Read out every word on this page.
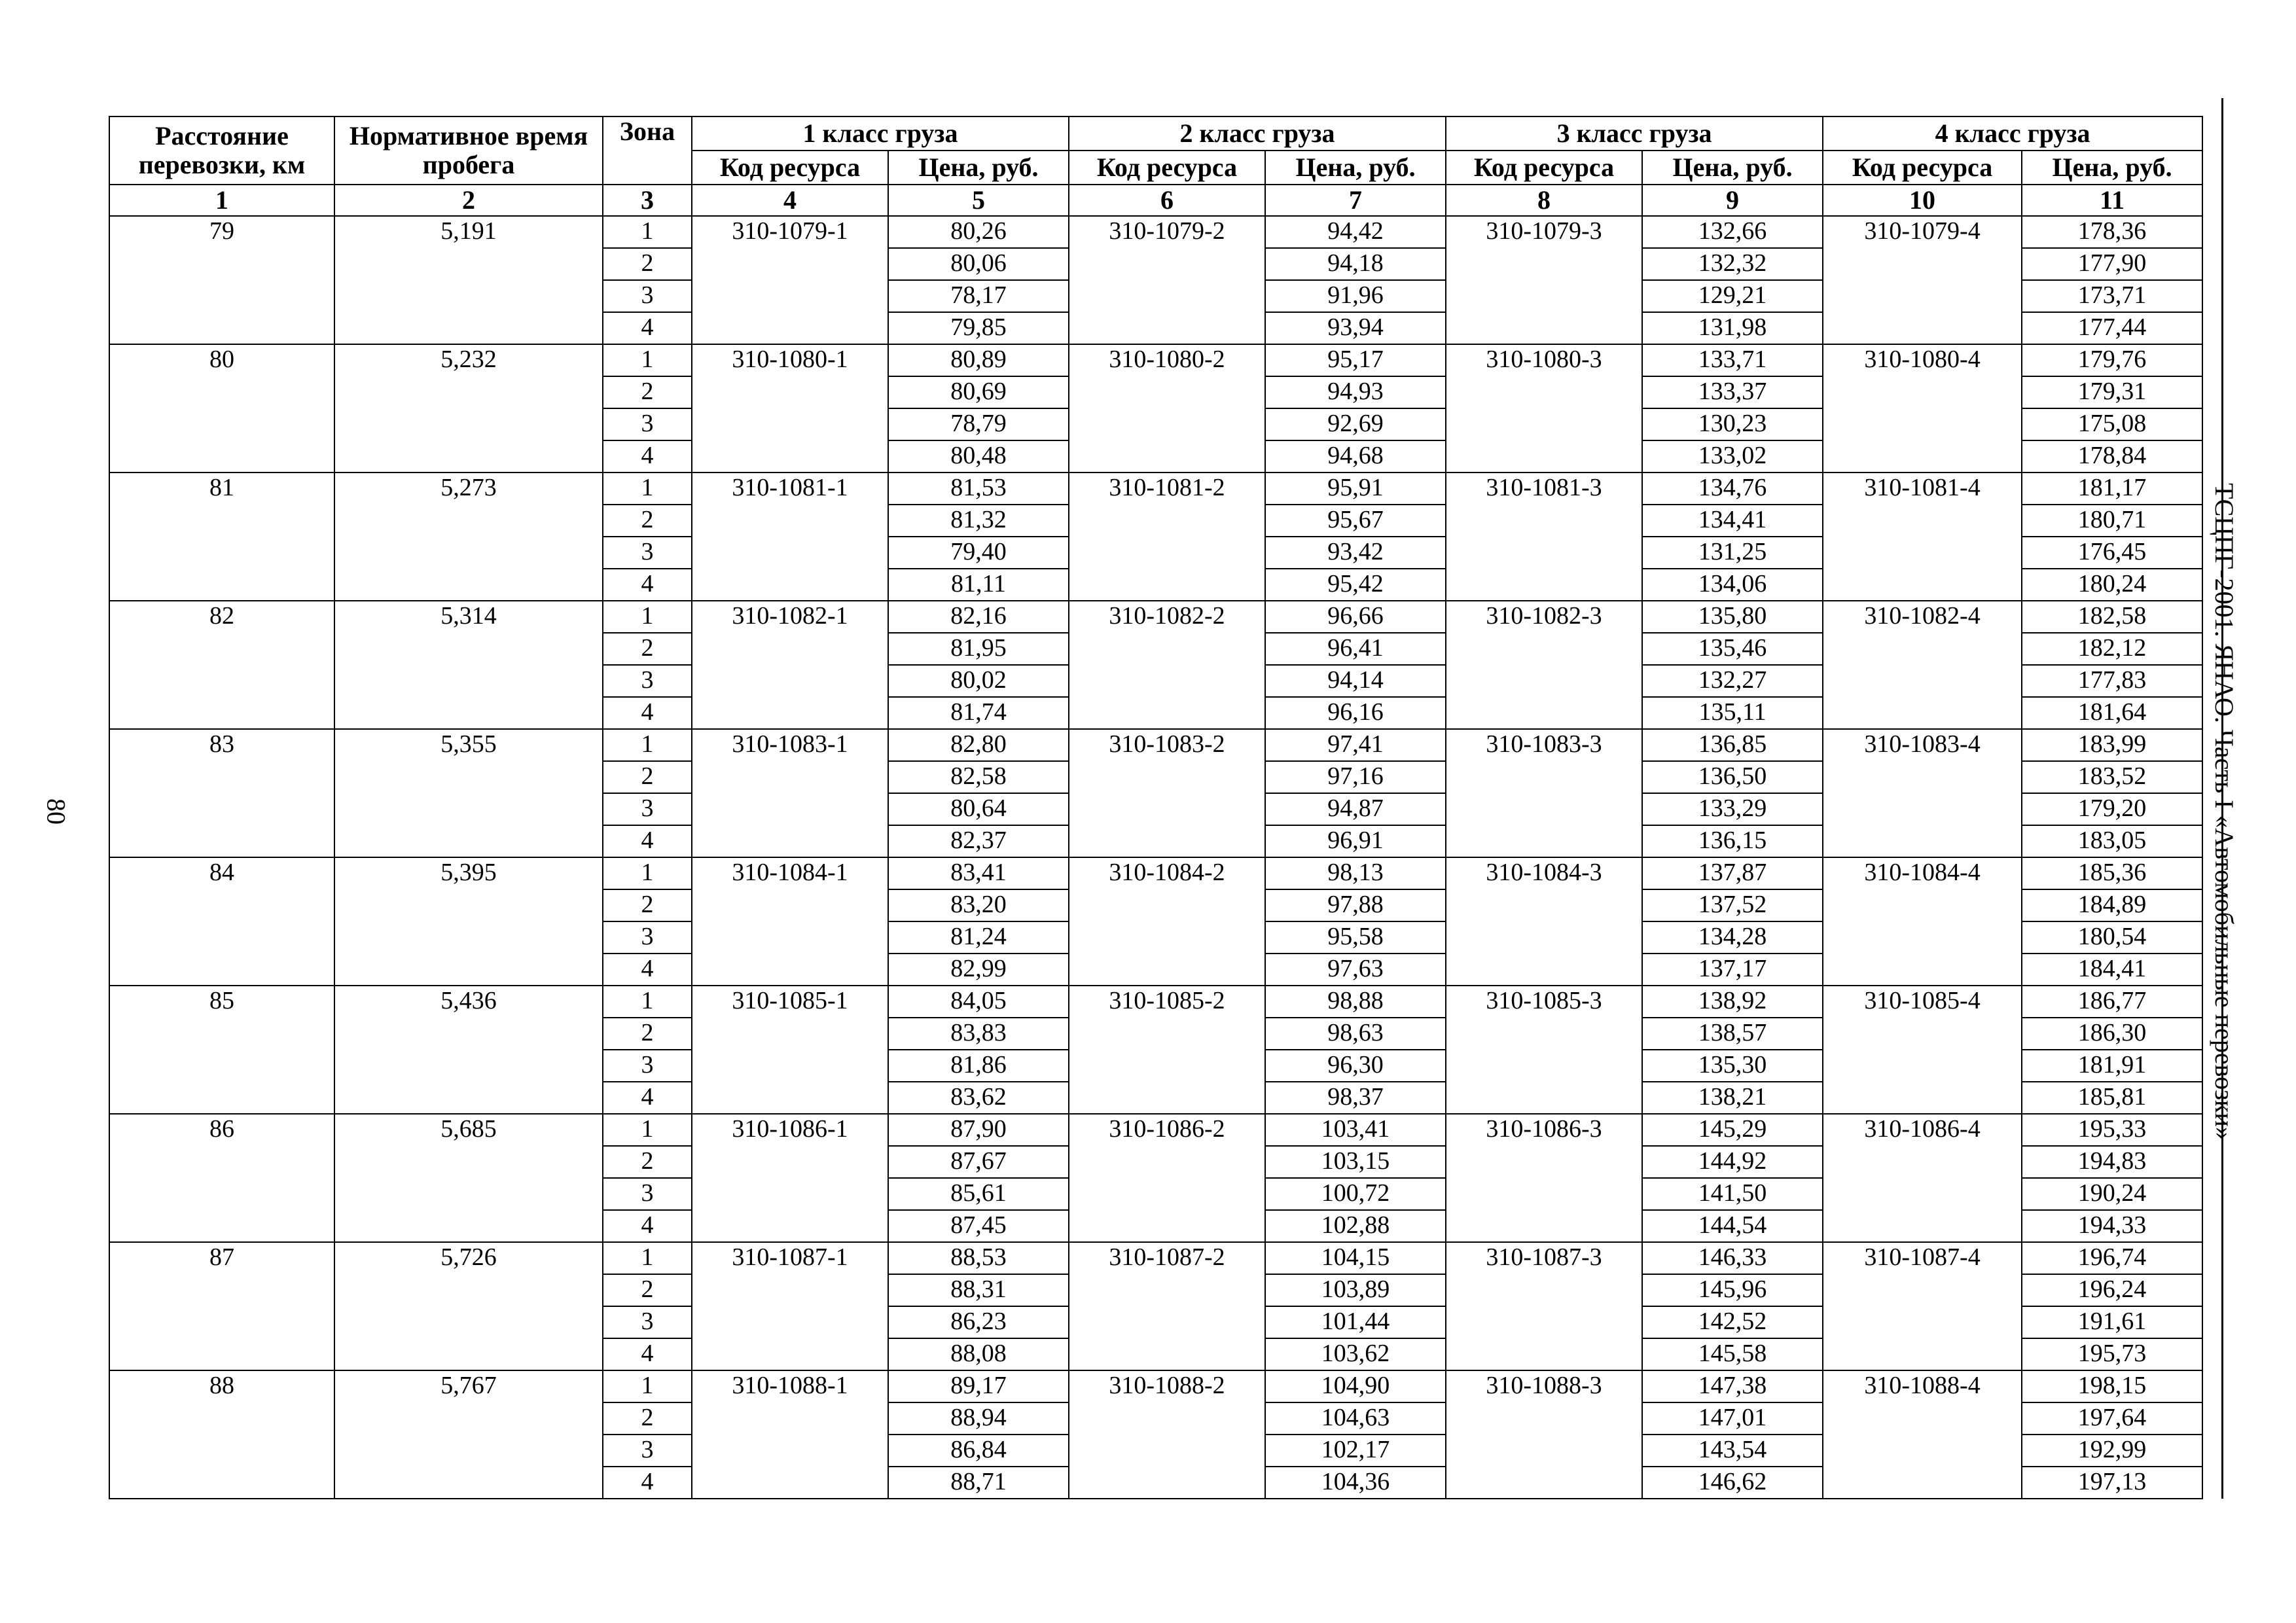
80	ТСЦПГ-2001. ЯНАО. Часть I «Автомобильные перевозки»
Расстояние перевозки, км	Нормативное время пробега	Зона	1 класс груза		2 класс груза		3 класс груза		4 класс груза	
			Код ресурса	Цена, руб.	Код ресурса	Цена, руб.	Код ресурса	Цена, руб.	Код ресурса	Цена, руб.
1	2	3	4	5	6	7	8	9	10	11
79	5,191	1	310-1079-1	80,26	310-1079-2	94,42	310-1079-3	132,66	310-1079-4	178,36
		2		80,06		94,18		132,32		177,90
		3		78,17		91,96		129,21		173,71
		4		79,85		93,94		131,98		177,44
80	5,232	1	310-1080-1	80,89	310-1080-2	95,17	310-1080-3	133,71	310-1080-4	179,76
		2		80,69		94,93		133,37		179,31
		3		78,79		92,69		130,23		175,08
		4		80,48		94,68		133,02		178,84
81	5,273	1	310-1081-1	81,53	310-1081-2	95,91	310-1081-3	134,76	310-1081-4	181,17
		2		81,32		95,67		134,41		180,71
		3		79,40		93,42		131,25		176,45
		4		81,11		95,42		134,06		180,24
82	5,314	1	310-1082-1	82,16	310-1082-2	96,66	310-1082-3	135,80	310-1082-4	182,58
		2		81,95		96,41		135,46		182,12
		3		80,02		94,14		132,27		177,83
		4		81,74		96,16		135,11		181,64
83	5,355	1	310-1083-1	82,80	310-1083-2	97,41	310-1083-3	136,85	310-1083-4	183,99
		2		82,58		97,16		136,50		183,52
		3		80,64		94,87		133,29		179,20
		4		82,37		96,91		136,15		183,05
84	5,395	1	310-1084-1	83,41	310-1084-2	98,13	310-1084-3	137,87	310-1084-4	185,36
		2		83,20		97,88		137,52		184,89
		3		81,24		95,58		134,28		180,54
		4		82,99		97,63		137,17		184,41
85	5,436	1	310-1085-1	84,05	310-1085-2	98,88	310-1085-3	138,92	310-1085-4	186,77
		2		83,83		98,63		138,57		186,30
		3		81,86		96,30		135,30		181,91
		4		83,62		98,37		138,21		185,81
86	5,685	1	310-1086-1	87,90	310-1086-2	103,41	310-1086-3	145,29	310-1086-4	195,33
		2		87,67		103,15		144,92		194,83
		3		85,61		100,72		141,50		190,24
		4		87,45		102,88		144,54		194,33
87	5,726	1	310-1087-1	88,53	310-1087-2	104,15	310-1087-3	146,33	310-1087-4	196,74
		2		88,31		103,89		145,96		196,24
		3		86,23		101,44		142,52		191,61
		4		88,08		103,62		145,58		195,73
88	5,767	1	310-1088-1	89,17	310-1088-2	104,90	310-1088-3	147,38	310-1088-4	198,15
		2		88,94		104,63		147,01		197,64
		3		86,84		102,17		143,54		192,99
		4		88,71		104,36		146,62		197,13
